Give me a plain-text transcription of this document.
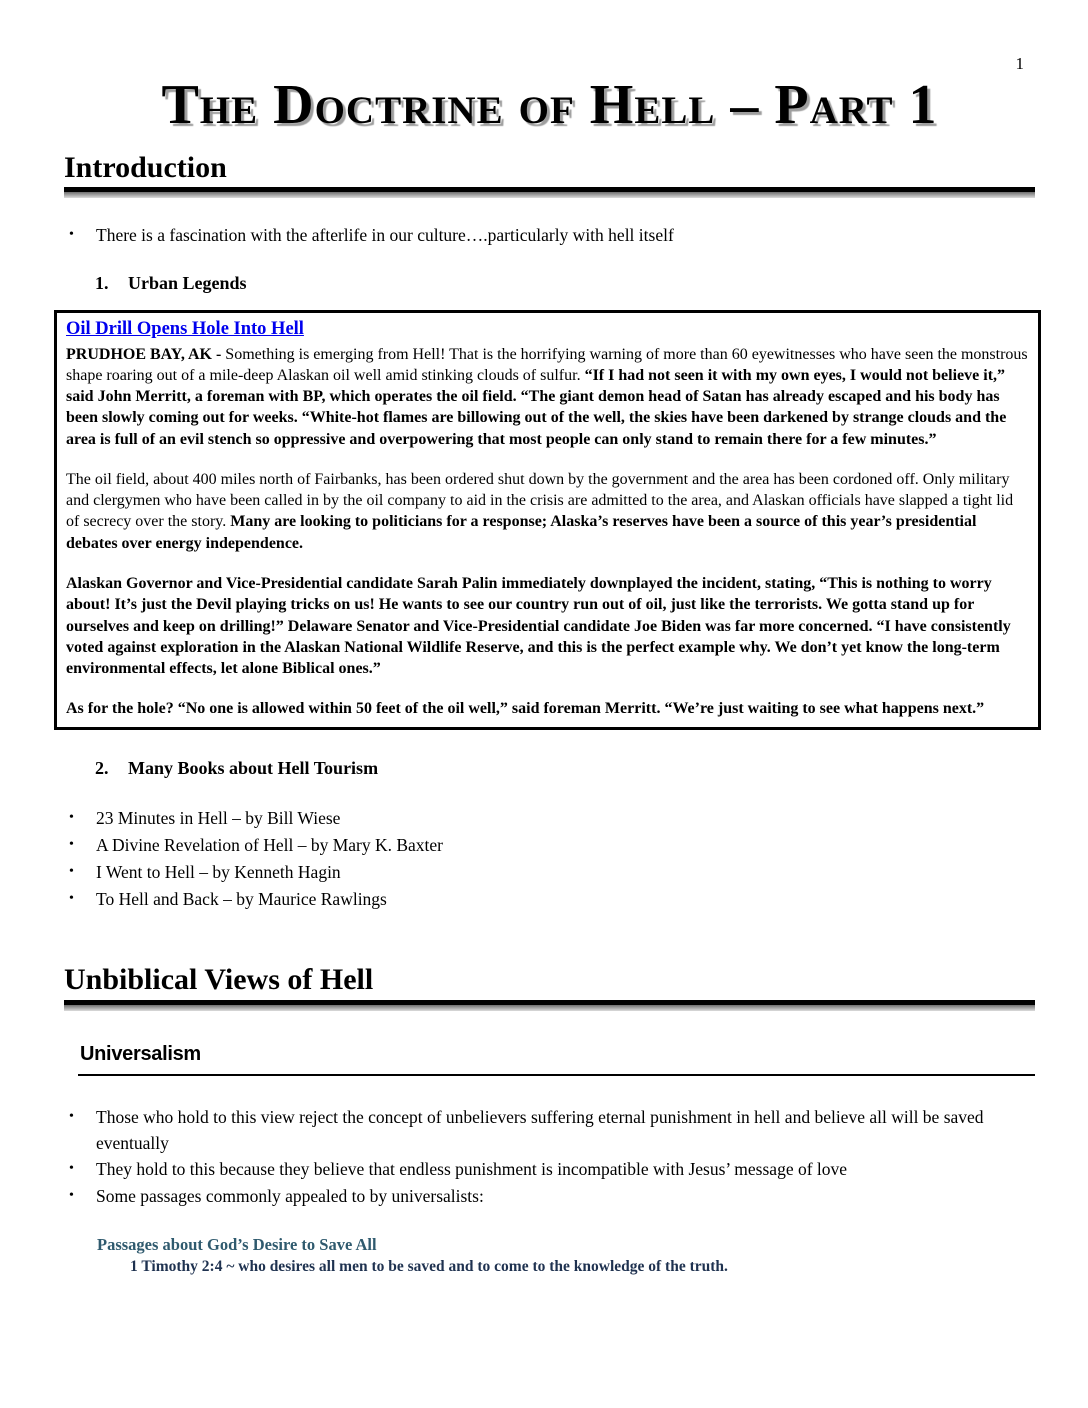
1
The Doctrine of Hell – Part 1
Introduction
•	There is a fascination with the afterlife in our culture….particularly with hell itself
1.	Urban Legends
Oil Drill Opens Hole Into Hell

PRUDHOE BAY, AK - Something is emerging from Hell! That is the horrifying warning of more than 60 eyewitnesses who have seen the monstrous shape roaring out of a mile-deep Alaskan oil well amid stinking clouds of sulfur. “If I had not seen it with my own eyes, I would not believe it,” said John Merritt, a foreman with BP, which operates the oil field. “The giant demon head of Satan has already escaped and his body has been slowly coming out for weeks. “White-hot flames are billowing out of the well, the skies have been darkened by strange clouds and the area is full of an evil stench so oppressive and overpowering that most people can only stand to remain there for a few minutes.”

The oil field, about 400 miles north of Fairbanks, has been ordered shut down by the government and the area has been cordoned off. Only military and clergymen who have been called in by the oil company to aid in the crisis are admitted to the area, and Alaskan officials have slapped a tight lid of secrecy over the story. Many are looking to politicians for a response; Alaska’s reserves have been a source of this year’s presidential debates over energy independence.

Alaskan Governor and Vice-Presidential candidate Sarah Palin immediately downplayed the incident, stating, “This is nothing to worry about! It’s just the Devil playing tricks on us! He wants to see our country run out of oil, just like the terrorists. We gotta stand up for ourselves and keep on drilling!” Delaware Senator and Vice-Presidential candidate Joe Biden was far more concerned. “I have consistently voted against exploration in the Alaskan National Wildlife Reserve, and this is the perfect example why. We don’t yet know the long-term environmental effects, let alone Biblical ones.”

As for the hole? “No one is allowed within 50 feet of the oil well,” said foreman Merritt. “We’re just waiting to see what happens next.”

2.	Many Books about Hell Tourism
•	23 Minutes in Hell – by Bill Wiese
•	A Divine Revelation of Hell – by Mary K. Baxter
•	I Went to Hell – by Kenneth Hagin
•	To Hell and Back – by Maurice Rawlings
Unbiblical Views of Hell
Universalism
•	Those who hold to this view reject the concept of unbelievers suffering eternal punishment in hell and believe all will be saved eventually
•	They hold to this because they believe that endless punishment is incompatible with Jesus’ message of love
•	Some passages commonly appealed to by universalists:
Passages about God’s Desire to Save All
1 Timothy 2:4 ~ who desires all men to be saved and to come to the knowledge of the truth.
